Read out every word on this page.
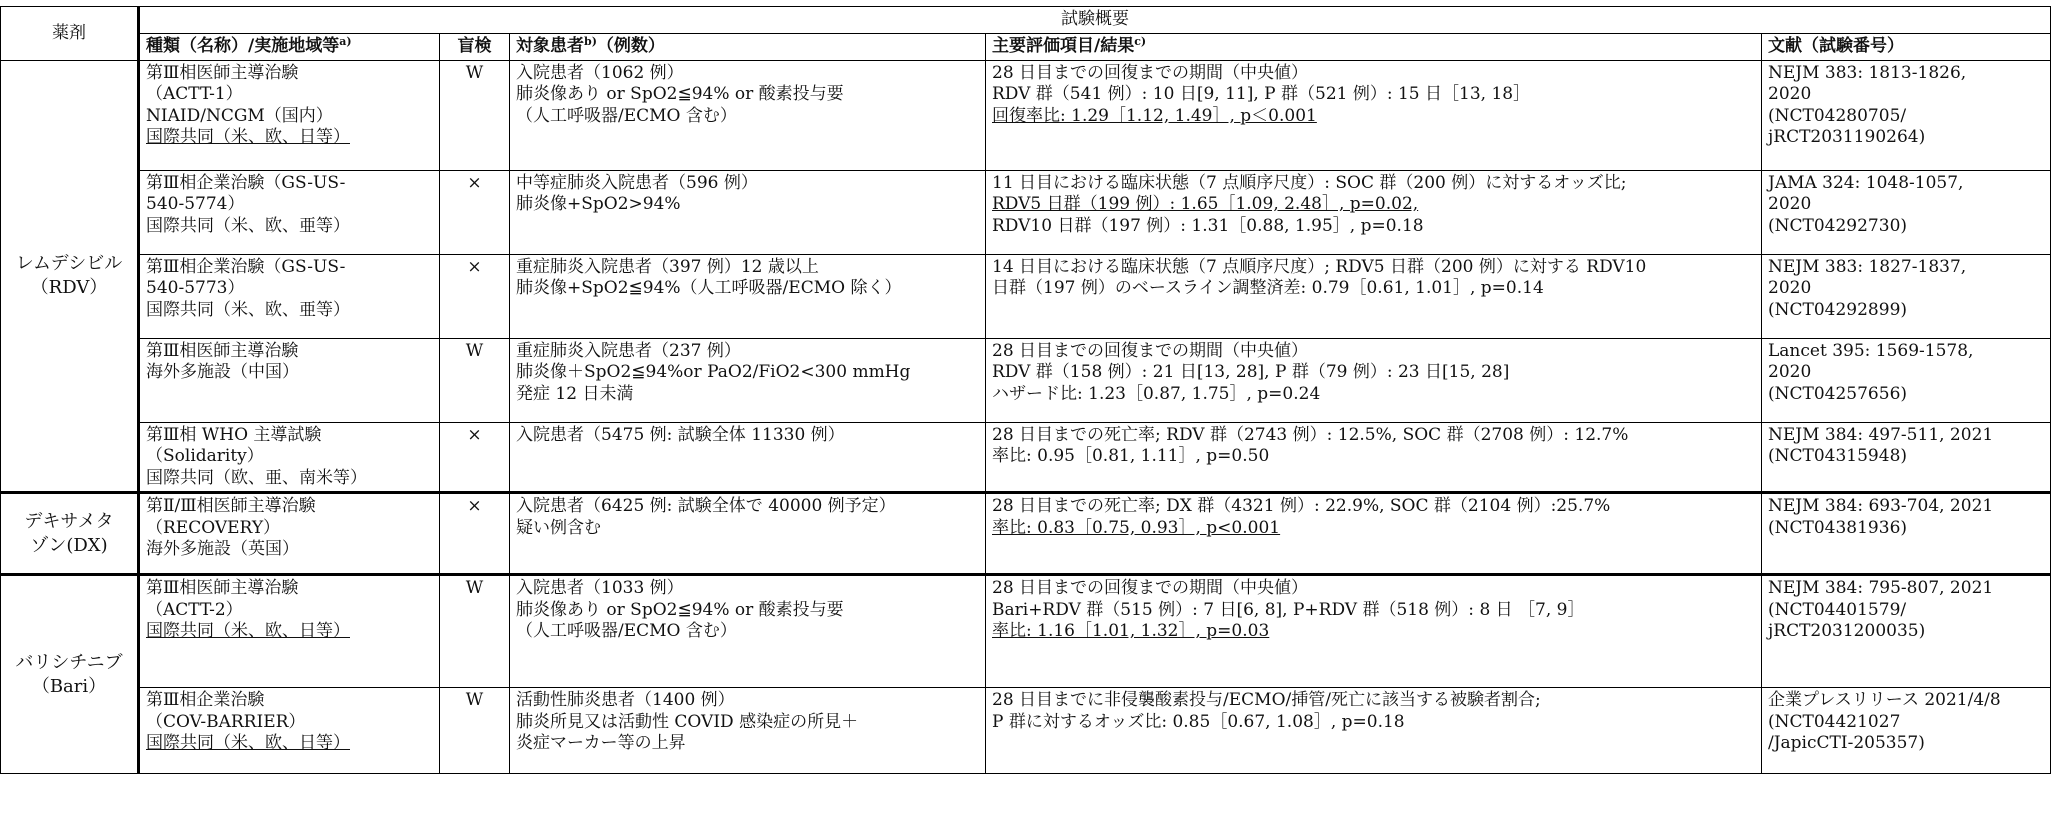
薬剤	試験概要				
	種類（名称）/実施地域等$^{a)}$	盲検	対象患者$^{b)}$（例数）	主要評価項目/結果$^{c)}$	文献（試験番号）

レムデシビル
（RDV）	第Ⅲ相医師主導治験
（ACTT-1）
NIAID/NCGM（国内）
国際共同（米、欧、日等）	W	入院患者（1062 例）
肺炎像あり or SpO2≦94% or 酸素投与要
（人工呼吸器/ECMO 含む）	28 日目までの回復までの期間（中央値）
RDV 群（541 例）: 10 日[9, 11], P 群（521 例）: 15 日［13, 18］
回復率比: 1.29［1.12, 1.49］, p＜0.001	NEJM 383: 1813-1826,
2020
(NCT04280705/
jRCT2031190264)

	第Ⅲ相企業治験（GS-US-
540-5774）
国際共同（米、欧、亜等）	×	中等症肺炎入院患者（596 例）
肺炎像+SpO2>94%	11 日目における臨床状態（7 点順序尺度）: SOC 群（200 例）に対するオッズ比;
RDV5 日群（199 例）: 1.65［1.09, 2.48］, p=0.02,
RDV10 日群（197 例）: 1.31［0.88, 1.95］, p=0.18	JAMA 324: 1048-1057,
2020
(NCT04292730)

	第Ⅲ相企業治験（GS-US-
540-5773）
国際共同（米、欧、亜等）	×	重症肺炎入院患者（397 例）12 歳以上
肺炎像+SpO2≦94%（人工呼吸器/ECMO 除く）	14 日目における臨床状態（7 点順序尺度）; RDV5 日群（200 例）に対する RDV10
日群（197 例）のベースライン調整済差: 0.79［0.61, 1.01］, p=0.14	NEJM 383: 1827-1837,
2020
(NCT04292899)

	第Ⅲ相医師主導治験
海外多施設（中国）	W	重症肺炎入院患者（237 例）
肺炎像＋SpO2≦94%or PaO2/FiO2<300 mmHg
発症 12 日未満	28 日目までの回復までの期間（中央値）
RDV 群（158 例）: 21 日[13, 28], P 群（79 例）: 23 日[15, 28]
ハザード比: 1.23［0.87, 1.75］, p=0.24	Lancet 395: 1569-1578,
2020
(NCT04257656)

	第Ⅲ相 WHO 主導試験
（Solidarity）
国際共同（欧、亜、南米等）	×	入院患者（5475 例: 試験全体 11330 例）	28 日目までの死亡率; RDV 群（2743 例）: 12.5%, SOC 群（2708 例）: 12.7%
率比: 0.95［0.81, 1.11］, p=0.50	NEJM 384: 497-511, 2021
(NCT04315948)

デキサメタ
ゾン(DX)	第Ⅱ/Ⅲ相医師主導治験
（RECOVERY）
海外多施設（英国）	×	入院患者（6425 例: 試験全体で 40000 例予定）
疑い例含む	28 日目までの死亡率; DX 群（4321 例）: 22.9%, SOC 群（2104 例）:25.7%
率比: 0.83［0.75, 0.93］, p<0.001	NEJM 384: 693-704, 2021
(NCT04381936)

バリシチニブ
（Bari）	第Ⅲ相医師主導治験
（ACTT-2）
国際共同（米、欧、日等）	W	入院患者（1033 例）
肺炎像あり or SpO2≦94% or 酸素投与要
（人工呼吸器/ECMO 含む）	28 日目までの回復までの期間（中央値）
Bari+RDV 群（515 例）: 7 日[6, 8], P+RDV 群（518 例）: 8 日 ［7, 9］
率比: 1.16［1.01, 1.32］, p=0.03	NEJM 384: 795-807, 2021
(NCT04401579/
jRCT2031200035)

	第Ⅲ相企業治験
（COV-BARRIER）
国際共同（米、欧、日等）	W	活動性肺炎患者（1400 例）
肺炎所見又は活動性 COVID 感染症の所見＋
炎症マーカー等の上昇	28 日目までに非侵襲酸素投与/ECMO/挿管/死亡に該当する被験者割合;
P 群に対するオッズ比: 0.85［0.67, 1.08］, p=0.18	企業プレスリリース 2021/4/8
(NCT04421027
/JapicCTI-205357)
